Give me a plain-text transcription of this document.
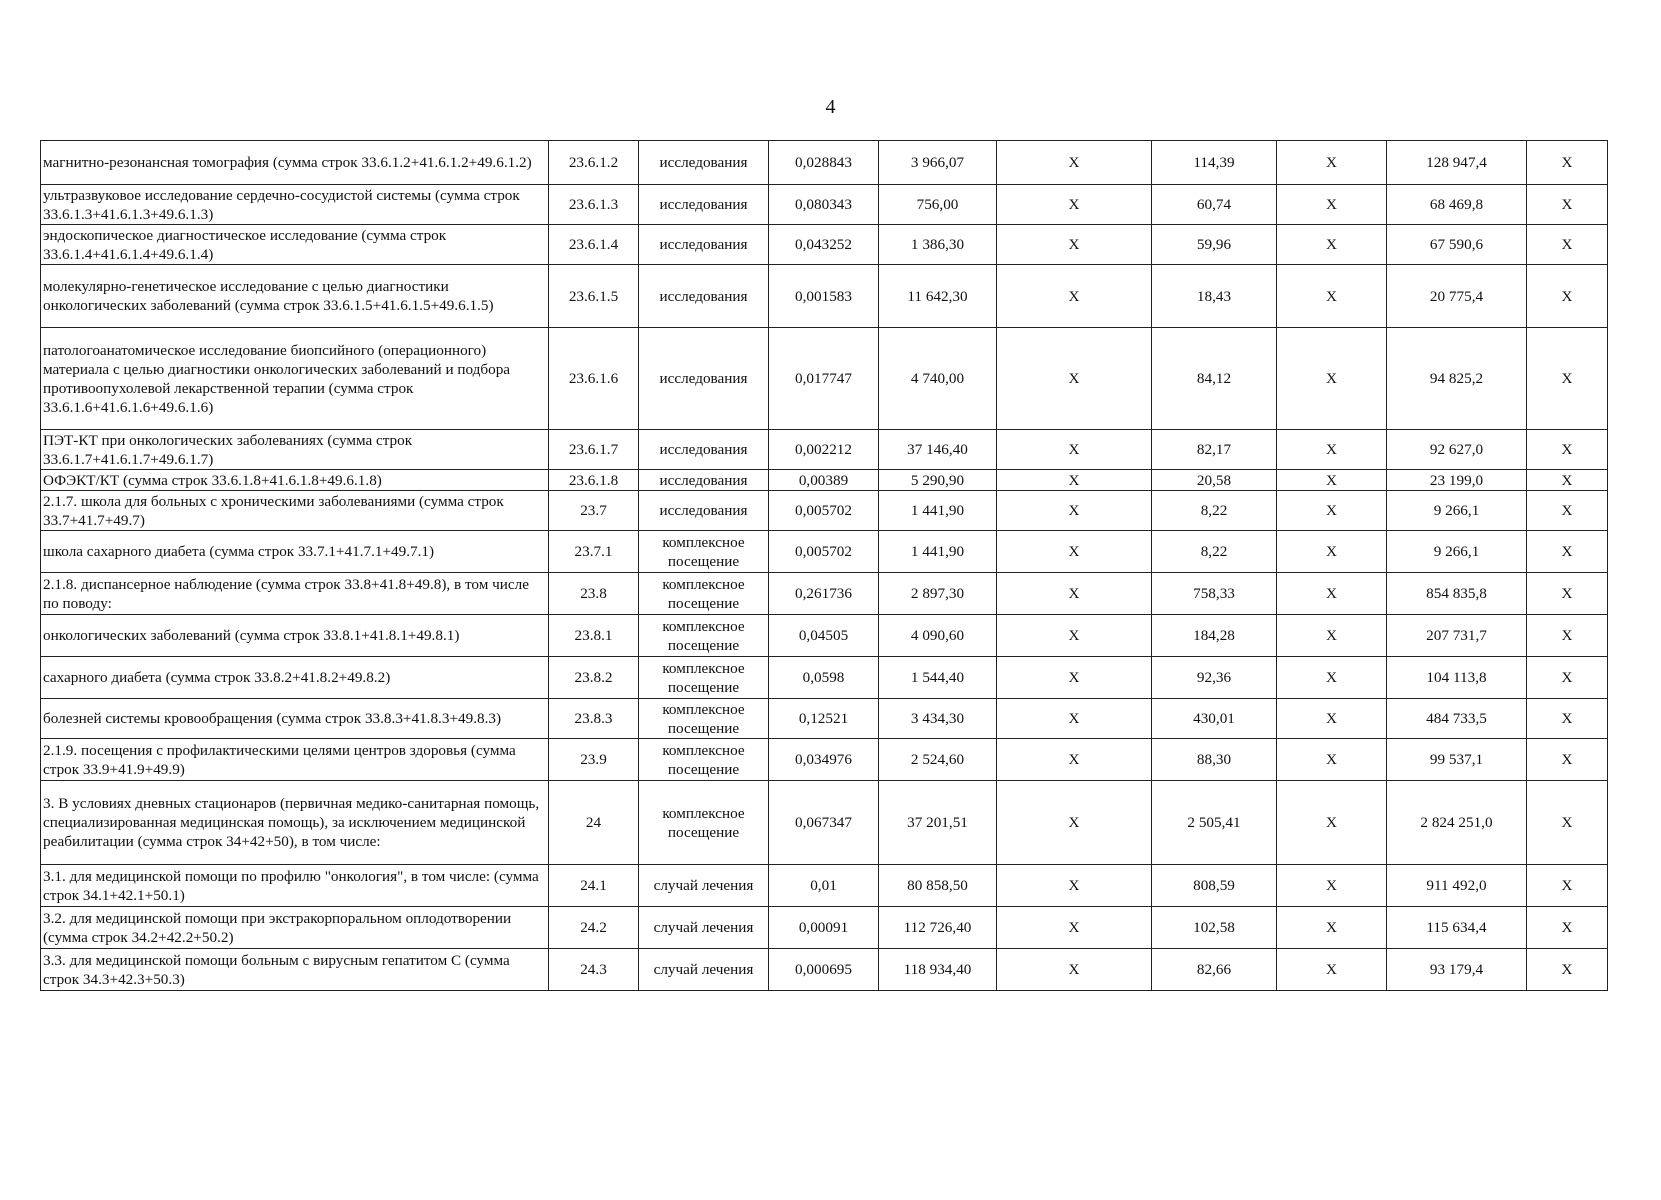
4
магнитно-резонансная томография (сумма строк 33.6.1.2+41.6.1.2+49.6.1.2)	23.6.1.2	исследования	0,028843	3 966,07	X	114,39	X	128 947,4	X
ультразвуковое исследование сердечно-сосудистой системы (сумма строк 33.6.1.3+41.6.1.3+49.6.1.3)	23.6.1.3	исследования	0,080343	756,00	X	60,74	X	68 469,8	X
эндоскопическое диагностическое исследование (сумма строк 33.6.1.4+41.6.1.4+49.6.1.4)	23.6.1.4	исследования	0,043252	1 386,30	X	59,96	X	67 590,6	X
молекулярно-генетическое исследование с целью диагностики онкологических заболеваний (сумма строк 33.6.1.5+41.6.1.5+49.6.1.5)	23.6.1.5	исследования	0,001583	11 642,30	X	18,43	X	20 775,4	X
патологоанатомическое исследование биопсийного (операционного) материала с целью диагностики онкологических заболеваний и подбора противоопухолевой лекарственной терапии (сумма строк 33.6.1.6+41.6.1.6+49.6.1.6)	23.6.1.6	исследования	0,017747	4 740,00	X	84,12	X	94 825,2	X
ПЭТ-КТ при онкологических заболеваниях (сумма строк 33.6.1.7+41.6.1.7+49.6.1.7)	23.6.1.7	исследования	0,002212	37 146,40	X	82,17	X	92 627,0	X
ОФЭКТ/КТ (сумма строк 33.6.1.8+41.6.1.8+49.6.1.8)	23.6.1.8	исследования	0,00389	5 290,90	X	20,58	X	23 199,0	X
2.1.7. школа для больных с хроническими заболеваниями (сумма строк 33.7+41.7+49.7)	23.7	исследования	0,005702	1 441,90	X	8,22	X	9 266,1	X
школа сахарного диабета (сумма строк 33.7.1+41.7.1+49.7.1)	23.7.1	комплексное посещение	0,005702	1 441,90	X	8,22	X	9 266,1	X
2.1.8. диспансерное наблюдение (сумма строк 33.8+41.8+49.8), в том числе по поводу:	23.8	комплексное посещение	0,261736	2 897,30	X	758,33	X	854 835,8	X
онкологических заболеваний (сумма строк 33.8.1+41.8.1+49.8.1)	23.8.1	комплексное посещение	0,04505	4 090,60	X	184,28	X	207 731,7	X
сахарного диабета (сумма строк 33.8.2+41.8.2+49.8.2)	23.8.2	комплексное посещение	0,0598	1 544,40	X	92,36	X	104 113,8	X
болезней системы кровообращения (сумма строк 33.8.3+41.8.3+49.8.3)	23.8.3	комплексное посещение	0,12521	3 434,30	X	430,01	X	484 733,5	X
2.1.9. посещения с профилактическими целями центров здоровья (сумма строк 33.9+41.9+49.9)	23.9	комплексное посещение	0,034976	2 524,60	X	88,30	X	99 537,1	X
3. В условиях дневных стационаров (первичная медико-санитарная помощь, специализированная медицинская помощь), за исключением медицинской реабилитации (сумма строк 34+42+50), в том числе:	24	комплексное посещение	0,067347	37 201,51	X	2 505,41	X	2 824 251,0	X
3.1. для медицинской помощи по профилю "онкология", в том числе: (сумма строк 34.1+42.1+50.1)	24.1	случай лечения	0,01	80 858,50	X	808,59	X	911 492,0	X
3.2. для медицинской помощи при экстракорпоральном оплодотворении (сумма строк 34.2+42.2+50.2)	24.2	случай лечения	0,00091	112 726,40	X	102,58	X	115 634,4	X
3.3. для медицинской помощи больным с вирусным гепатитом С (сумма строк 34.3+42.3+50.3)	24.3	случай лечения	0,000695	118 934,40	X	82,66	X	93 179,4	X
